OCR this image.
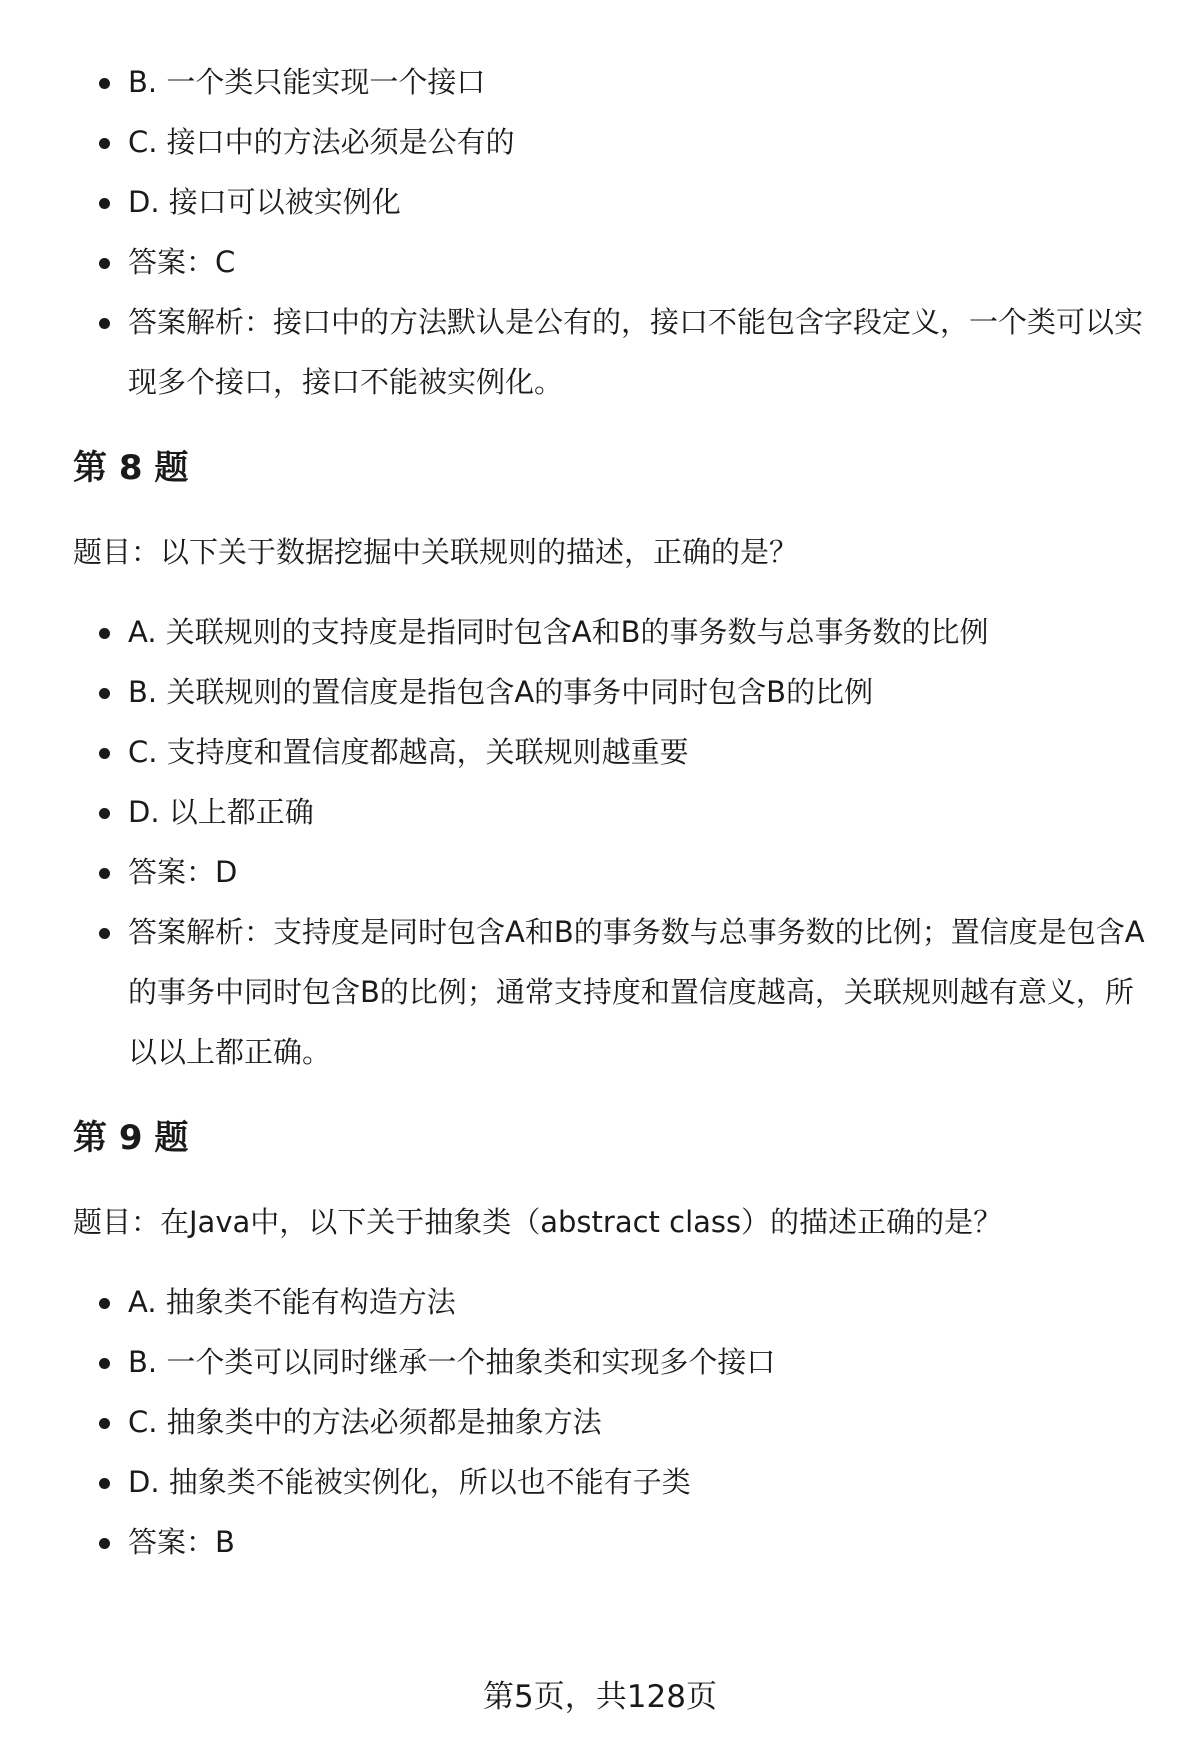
B. 一个类只能实现一个接口
C. 接口中的方法必须是公有的
D. 接口可以被实例化
答案：C
答案解析：接口中的方法默认是公有的，接口不能包含字段定义，一个类可以实现多个接口，接口不能被实例化。
第 8 题

题目：以下关于数据挖掘中关联规则的描述，正确的是？

A. 关联规则的支持度是指同时包含A和B的事务数与总事务数的比例
B. 关联规则的置信度是指包含A的事务中同时包含B的比例
C. 支持度和置信度都越高，关联规则越重要
D. 以上都正确
答案：D
答案解析：支持度是同时包含A和B的事务数与总事务数的比例；置信度是包含A的事务中同时包含B的比例；通常支持度和置信度越高，关联规则越有意义，所以以上都正确。
第 9 题

题目：在Java中，以下关于抽象类（abstract class）的描述正确的是？

A. 抽象类不能有构造方法
B. 一个类可以同时继承一个抽象类和实现多个接口
C. 抽象类中的方法必须都是抽象方法
D. 抽象类不能被实例化，所以也不能有子类
答案：B
第5页，共128页
